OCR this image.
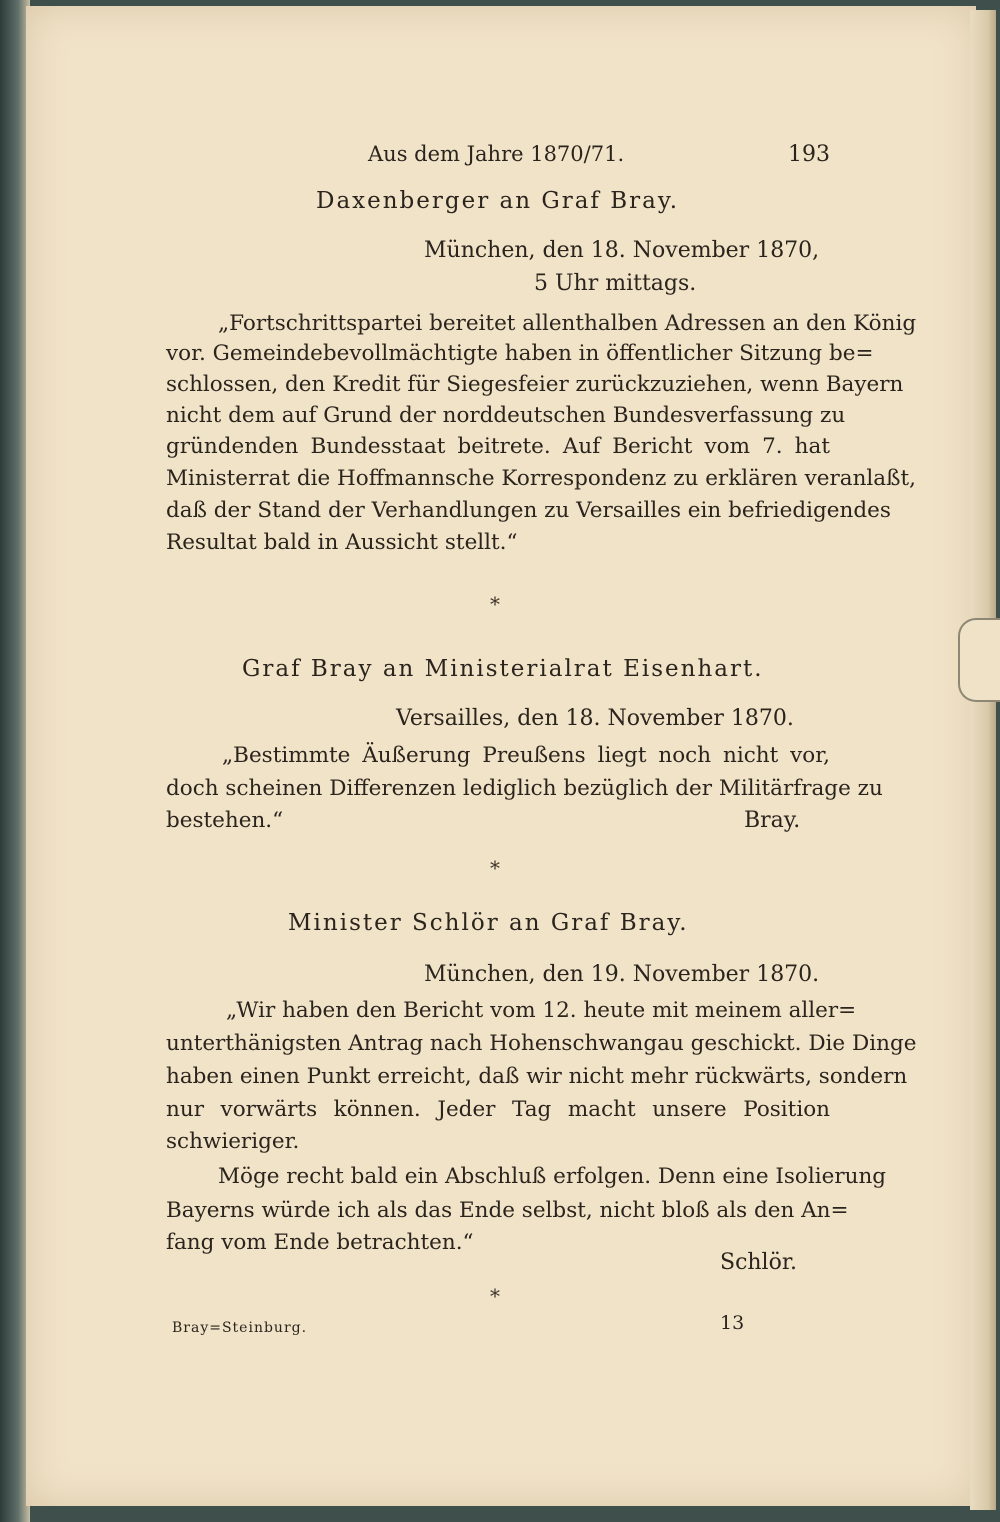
Aus dem Jahre 1870/71.	193
Daxenberger an Graf Bray.
München, den 18. November 1870,
5 Uhr mittags.
„Fortschrittspartei bereitet allenthalben Adressen an den König
vor. Gemeindebevollmächtigte haben in öffentlicher Sitzung be=
schlossen, den Kredit für Siegesfeier zurückzuziehen, wenn Bayern
nicht dem auf Grund der norddeutschen Bundesverfassung zu
gründenden Bundesstaat beitrete. Auf Bericht vom 7. hat
Ministerrat die Hoffmannsche Korrespondenz zu erklären veranlaßt,
daß der Stand der Verhandlungen zu Versailles ein befriedigendes
Resultat bald in Aussicht stellt.“
*
Graf Bray an Ministerialrat Eisenhart.
Versailles, den 18. November 1870.
„Bestimmte Äußerung Preußens liegt noch nicht vor,
doch scheinen Differenzen lediglich bezüglich der Militärfrage zu
bestehen.“	Bray.
*
Minister Schlör an Graf Bray.
München, den 19. November 1870.
„Wir haben den Bericht vom 12. heute mit meinem aller=
unterthänigsten Antrag nach Hohenschwangau geschickt. Die Dinge
haben einen Punkt erreicht, daß wir nicht mehr rückwärts, sondern
nur vorwärts können. Jeder Tag macht unsere Position
schwieriger.
Möge recht bald ein Abschluß erfolgen. Denn eine Isolierung
Bayerns würde ich als das Ende selbst, nicht bloß als den An=
fang vom Ende betrachten.“
Schlör.
*
Bray=Steinburg.	13
